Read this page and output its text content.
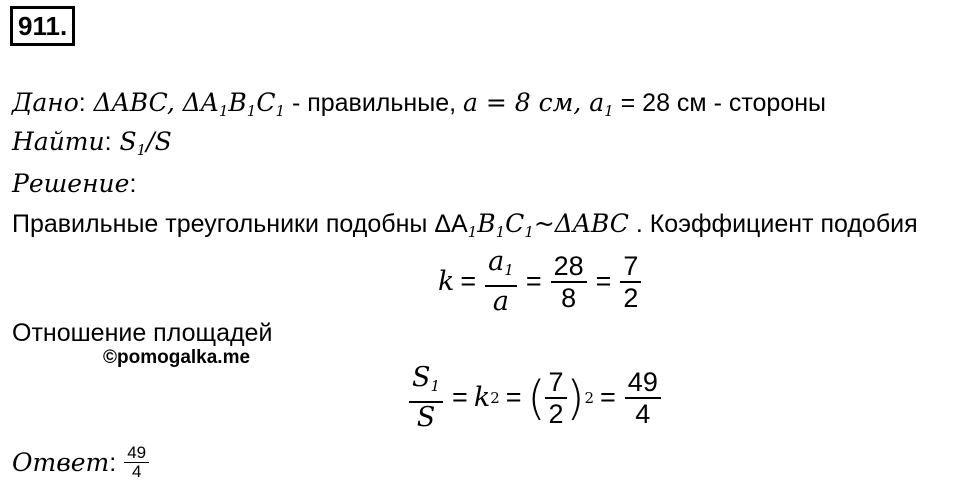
911.
Дано: ΔABC, $\Delta A_1B_1C_1$ - правильные, a = 8 см, $a_1 = 28$ см - стороны
Найти: $S_1/S$
Решение:
Правильные треугольники подобны $\Delta A_1B_1C_1\sim\Delta ABC$ . Коэффициент подобия
$k = \frac{a_1}{a} = \frac{28}{8} = \frac{7}{2}$
Отношение площадей
©pomogalka.me
$\frac{S_1}{S} = k$ 2 = ( $\frac{7}{2}$ ) $2 = \frac{49}{4}$
Ответ : $\frac{49}{4}$
